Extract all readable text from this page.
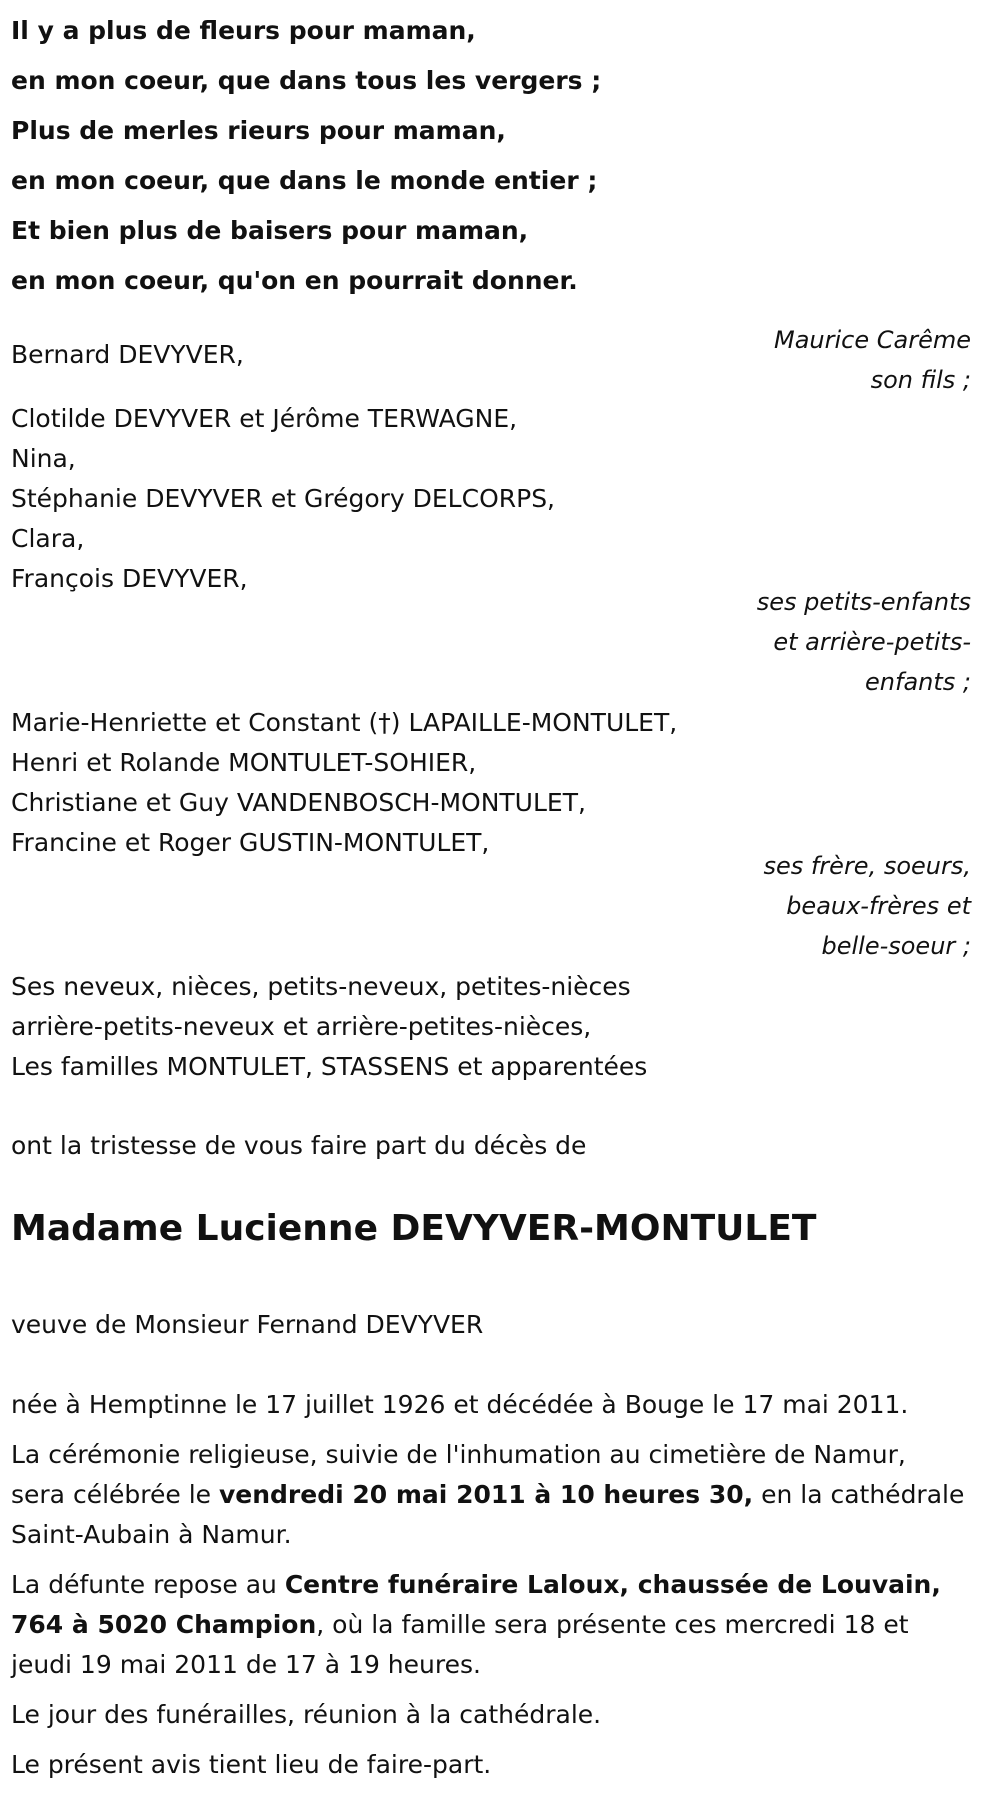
Il y a plus de fleurs pour maman,

en mon coeur, que dans tous les vergers ;

Plus de merles rieurs pour maman,

en mon coeur, que dans le monde entier ;

Et bien plus de baisers pour maman,

en mon coeur, qu'on en pourrait donner.

Maurice Carême
son fils ;

Bernard DEVYVER,

Clotilde DEVYVER et Jérôme TERWAGNE,

Nina,

Stéphanie DEVYVER et Grégory DELCORPS,

Clara,

François DEVYVER,

ses petits-enfants
et arrière-petits-
enfants ;

Marie-Henriette et Constant (†) LAPAILLE-MONTULET,

Henri et Rolande MONTULET-SOHIER,

Christiane et Guy VANDENBOSCH-MONTULET,

Francine et Roger GUSTIN-MONTULET,

ses frère, soeurs,
beaux-frères et
belle-soeur ;

Ses neveux, nièces, petits-neveux, petites-nièces

arrière-petits-neveux et arrière-petites-nièces,

Les familles MONTULET, STASSENS et apparentées

ont la tristesse de vous faire part du décès de

Madame Lucienne DEVYVER-MONTULET

veuve de Monsieur Fernand DEVYVER

née à Hemptinne le 17 juillet 1926 et décédée à Bouge le 17 mai 2011.

La cérémonie religieuse, suivie de l'inhumation au cimetière de Namur,
sera célébrée le vendredi 20 mai 2011 à 10 heures 30, en la cathédrale
Saint-Aubain à Namur.

La défunte repose au Centre funéraire Laloux, chaussée de Louvain,
764 à 5020 Champion, où la famille sera présente ces mercredi 18 et
jeudi 19 mai 2011 de 17 à 19 heures.

Le jour des funérailles, réunion à la cathédrale.

Le présent avis tient lieu de faire-part.
